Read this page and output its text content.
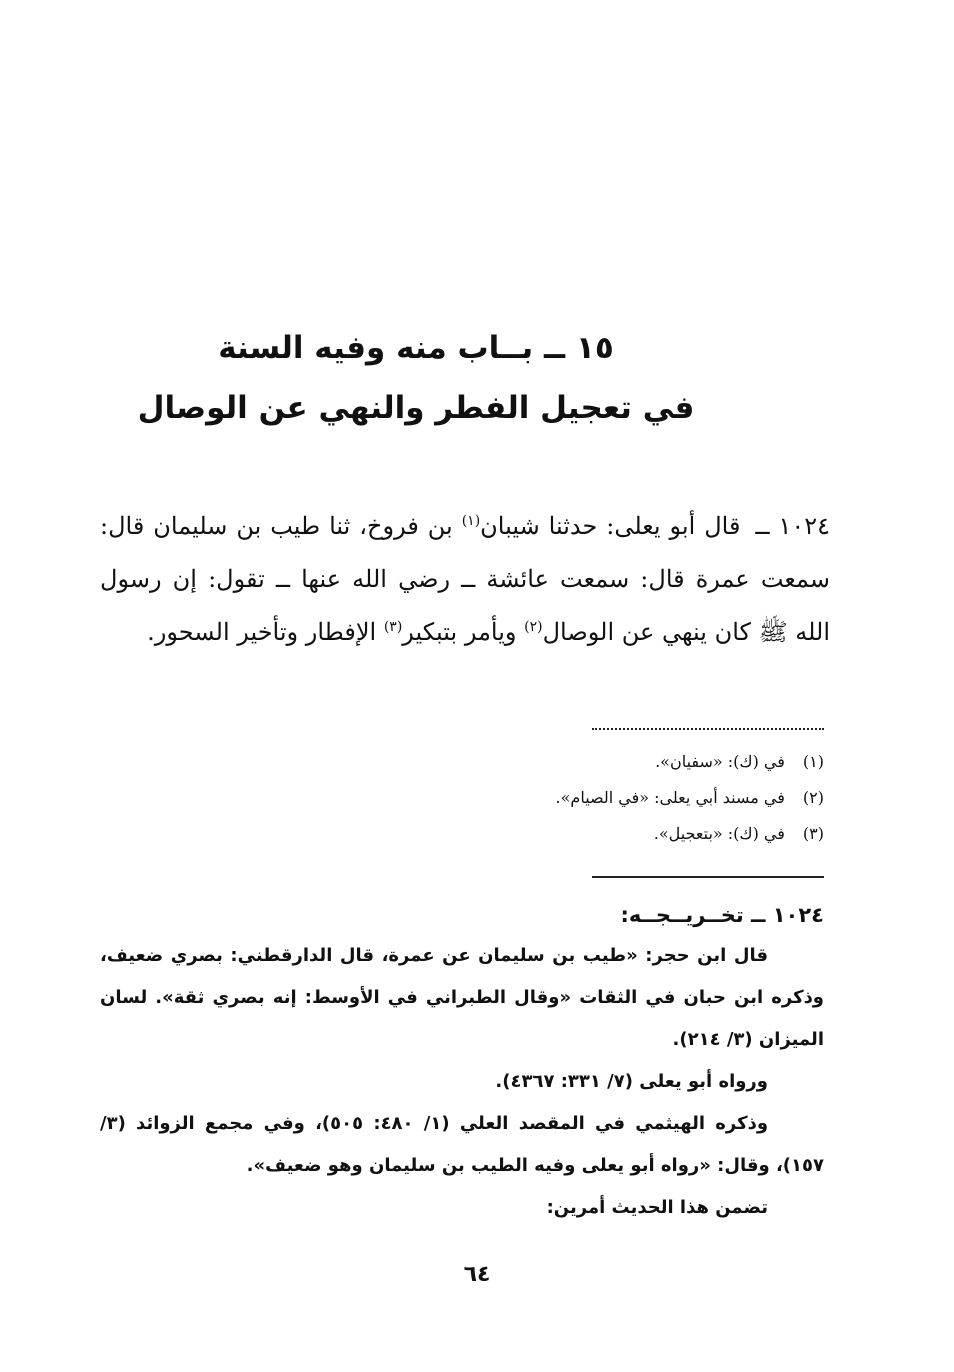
١٥ ــ بــاب منه وفيه السنة
في تعجيل الفطر والنهي عن الوصال

١٠٢٤ ــ قال أبو يعلى: حدثنا شيبان$^{(١)}$ بن فروخ، ثنا طيب بن سليمان قال: سمعت عمرة قال: سمعت عائشة ــ رضي الله عنها ــ تقول: إن رسول الله ﷺ كان ينهي عن الوصال$^{(٢)}$ ويأمر بتبكير$^{(٣)}$ الإفطار وتأخير السحور.

(١) في (ك): «سفيان».
(٢) في مسند أبي يعلى: «في الصيام».
(٣) في (ك): «بتعجيل».

١٠٢٤ ــ تخــريــجــه:

قال ابن حجر: «طيب بن سليمان عن عمرة، قال الدارقطني: بصري ضعيف، وذكره ابن حبان في الثقات «وقال الطبراني في الأوسط: إنه بصري ثقة». لسان الميزان (٣/ ٢١٤).

ورواه أبو يعلى (٧/ ٣٣١: ٤٣٦٧).

وذكره الهيثمي في المقصد العلي (١/ ٤٨٠: ٥٠٥)، وفي مجمع الزوائد (٣/ ١٥٧)، وقال: «رواه أبو يعلى وفيه الطيب بن سليمان وهو ضعيف».

تضمن هذا الحديث أمرين:

٦٤
